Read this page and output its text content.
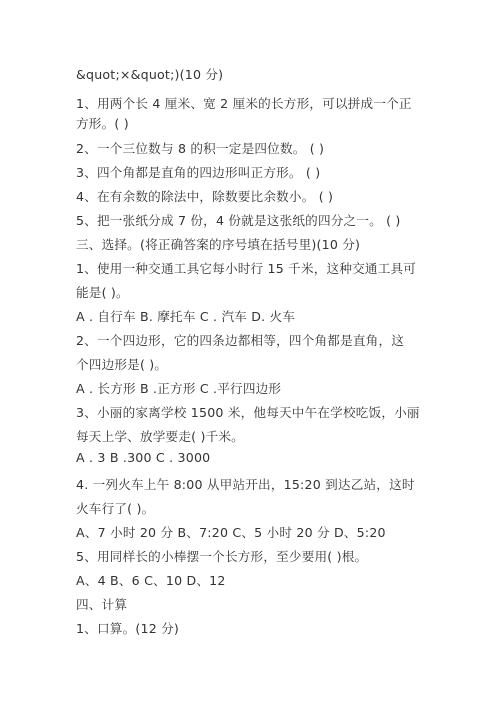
&quot;×&quot;)(10 分)
1、用两个长 4 厘米、宽 2 厘米的长方形，可以拼成一个正
方形。( )
2、一个三位数与 8 的积一定是四位数。 ( )
3、四个角都是直角的四边形叫正方形。 ( )
4、在有余数的除法中，除数要比余数小。 ( )
5、把一张纸分成 7 份，4 份就是这张纸的四分之一。 ( )
三、选择。(将正确答案的序号填在括号里)(10 分)
1、使用一种交通工具它每小时行 15 千米，这种交通工具可
能是( )。
A . 自行车 B. 摩托车 C . 汽车 D. 火车
2、一个四边形，它的四条边都相等，四个角都是直角，这
个四边形是( )。
A . 长方形 B .正方形 C .平行四边形
3、小丽的家离学校 1500 米，他每天中午在学校吃饭，小丽
每天上学、放学要走( )千米。
A . 3 B .300 C . 3000
4. 一列火车上午 8:00 从甲站开出，15:20 到达乙站，这时
火车行了( )。
A、7 小时 20 分 B、7:20 C、5 小时 20 分 D、5:20
5、用同样长的小棒摆一个长方形，至少要用( )根。
A、4 B、6 C、10 D、12
四、计算
1、口算。(12 分)
